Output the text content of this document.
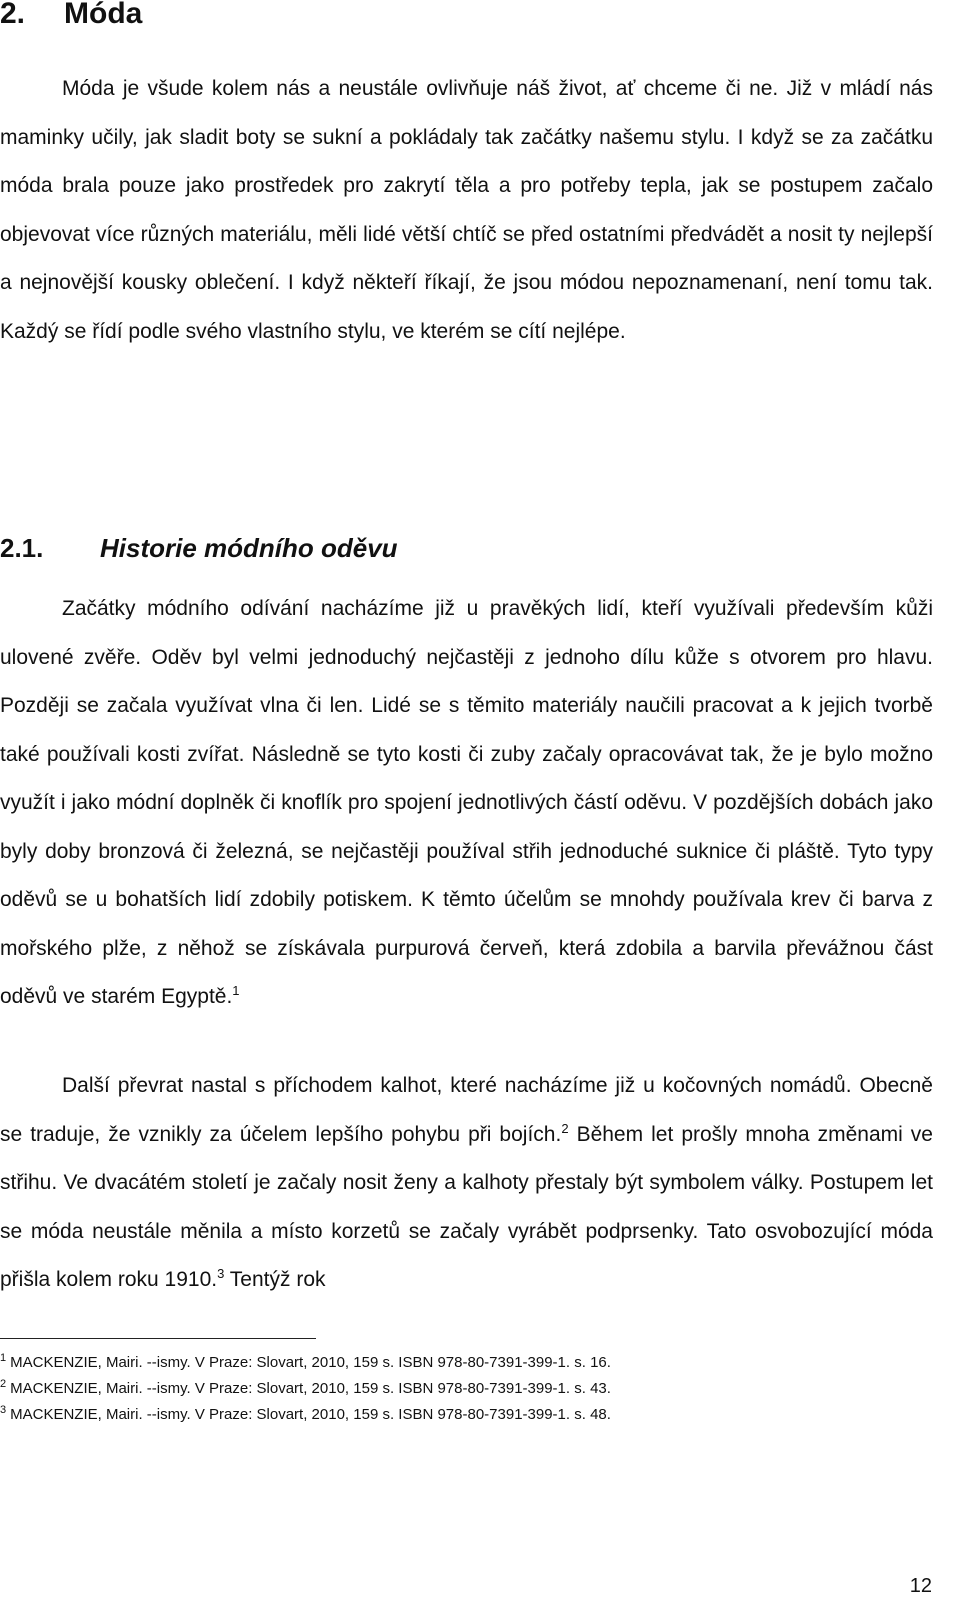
2. Móda

Móda je všude kolem nás a neustále ovlivňuje náš život, ať chceme či ne. Již v mládí nás maminky učily, jak sladit boty se sukní a pokládaly tak začátky našemu stylu. I když se za začátku móda brala pouze jako prostředek pro zakrytí těla a pro potřeby tepla, jak se postupem začalo objevovat více různých materiálu, měli lidé větší chtíč se před ostatními předvádět a nosit ty nejlepší a nejnovější kousky oblečení. I když někteří říkají, že jsou módou nepoznamenaní, není tomu tak. Každý se řídí podle svého vlastního stylu, ve kterém se cítí nejlépe.

2.1. Historie módního oděvu

Začátky módního odívání nacházíme již u pravěkých lidí, kteří využívali především kůži ulovené zvěře. Oděv byl velmi jednoduchý nejčastěji z jednoho dílu kůže s otvorem pro hlavu. Později se začala využívat vlna či len. Lidé se s těmito materiály naučili pracovat a k jejich tvorbě také používali kosti zvířat. Následně se tyto kosti či zuby začaly opracovávat tak, že je bylo možno využít i jako módní doplněk či knoflík pro spojení jednotlivých částí oděvu. V pozdějších dobách jako byly doby bronzová či železná, se nejčastěji používal střih jednoduché suknice či pláště. Tyto typy oděvů se u bohatších lidí zdobily potiskem. K těmto účelům se mnohdy používala krev či barva z mořského plže, z něhož se získávala purpurová červeň, která zdobila a barvila převážnou část oděvů ve starém Egyptě.$^1$

Další převrat nastal s příchodem kalhot, které nacházíme již u kočovných nomádů. Obecně se traduje, že vznikly za účelem lepšího pohybu při bojích.$^2$ Během let prošly mnoha změnami ve střihu. Ve dvacátém století je začaly nosit ženy a kalhoty přestaly být symbolem války. Postupem let se móda neustále měnila a místo korzetů se začaly vyrábět podprsenky. Tato osvobozující móda přišla kolem roku 1910.$^3$ Tentýž rok

$^1$ MACKENZIE, Mairi. --ismy. V Praze: Slovart, 2010, 159 s. ISBN 978-80-7391-399-1. s. 16.

$^2$ MACKENZIE, Mairi. --ismy. V Praze: Slovart, 2010, 159 s. ISBN 978-80-7391-399-1. s. 43.

$^3$ MACKENZIE, Mairi. --ismy. V Praze: Slovart, 2010, 159 s. ISBN 978-80-7391-399-1. s. 48.

12
